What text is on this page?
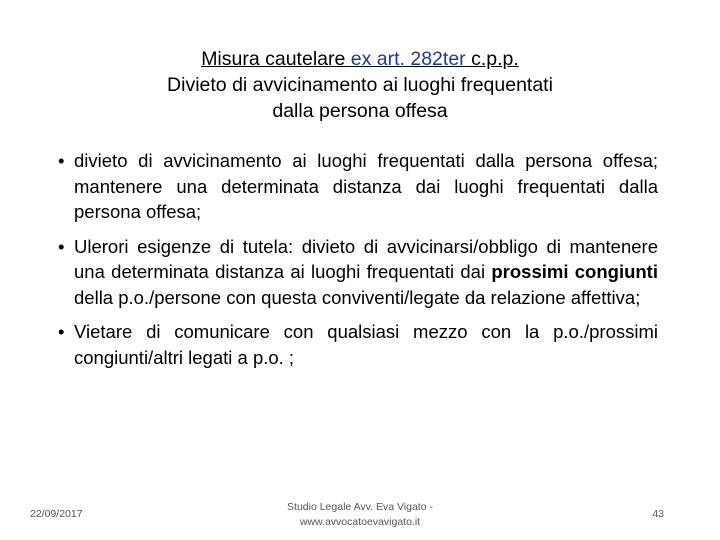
Misura cautelare ex art. 282ter c.p.p.
Divieto di avvicinamento ai luoghi frequentati
dalla persona offesa
• divieto di avvicinamento ai luoghi frequentati dalla persona offesa; mantenere una determinata distanza dai luoghi frequentati dalla persona offesa;
• Ulerori esigenze di tutela: divieto di avvicinarsi/obbligo di mantenere una determinata distanza ai luoghi frequentati dai prossimi congiunti della p.o./persone con questa conviventi/legate da relazione affettiva;
• Vietare di comunicare con qualsiasi mezzo con la p.o./prossimi congiunti/altri legati a p.o. ;
22/09/2017
Studio Legale Avv. Eva Vigato -
www.avvocatoevavigato.it
43
